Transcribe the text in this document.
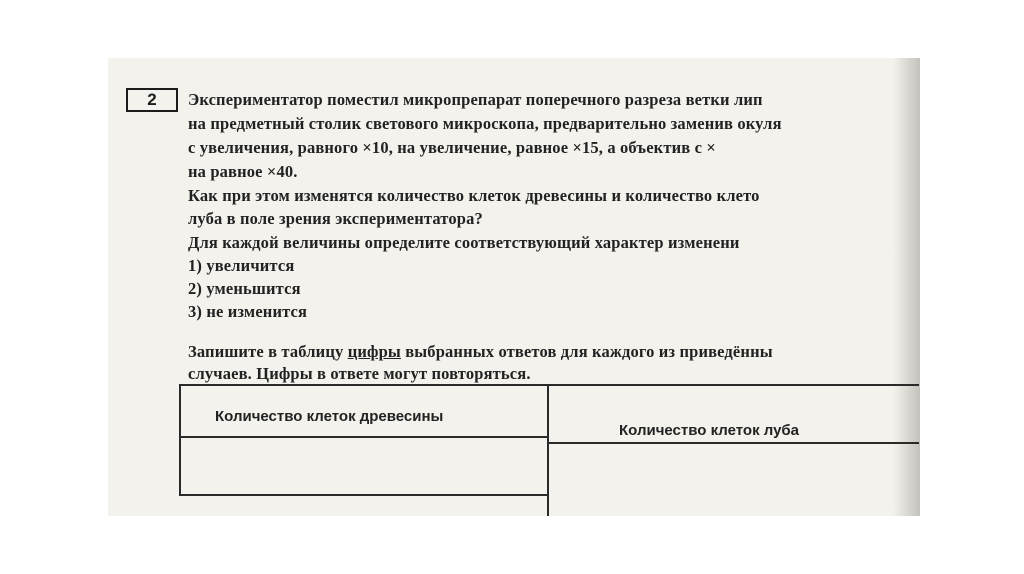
2	Экспериментатор поместил микропрепарат поперечного разреза ветки лип
на предметный столик светового микроскопа, предварительно заменив окуля
с увеличения, равного ×10, на увеличение, равное ×15, а объектив с ×
на равное ×40.
Как при этом изменятся количество клеток древесины и количество клето
луба в поле зрения экспериментатора?
Для каждой величины определите соответствующий характер изменени
1) увеличится
2) уменьшится
3) не изменится
Запишите в таблицу цифры выбранных ответов для каждого из приведённы
случаев. Цифры в ответе могут повторяться.
Количество клеток древесины
Количество клеток луба
